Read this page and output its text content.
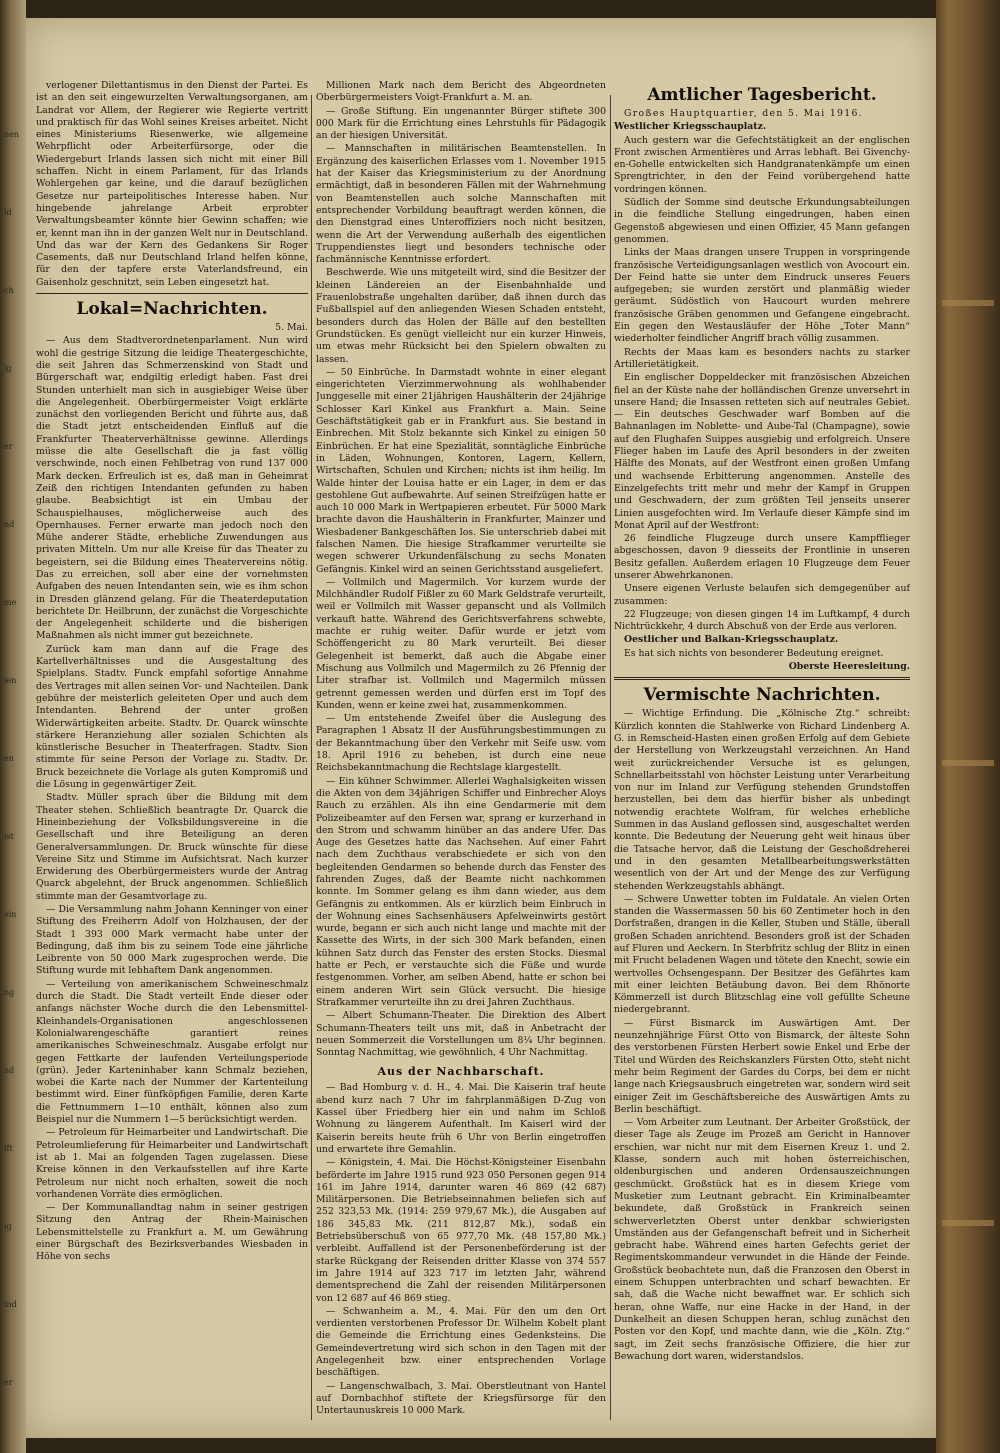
nen
ld
ch
lg
er
nd
me
ien
en
ist
ein
ng
nd
ift
ig
ind
er

verlogener Dilettantismus in den Dienst der Partei. Es ist an den seit eingewurzelten Verwaltungsorganen, am Landrat vor Allem, der Regierer wie Regierte vertritt und praktisch für das Wohl seines Kreises arbeitet. Nicht eines Ministeriums Riesenwerke, wie allgemeine Wehrpflicht oder Arbeiterfürsorge, oder die Wiedergeburt Irlands lassen sich nicht mit einer Bill schaffen. Nicht in einem Parlament, für das Irlands Wohlergehen gar keine, und die darauf bezüglichen Gesetze nur parteipolitisches Interesse haben. Nur hingebende jahrelange Arbeit erprobter Verwaltungsbeamter könnte hier Gewinn schaffen; wie er, kennt man ihn in der ganzen Welt nur in Deutschland. Und das war der Kern des Gedankens Sir Roger Casements, daß nur Deutschland Irland helfen könne, für den der tapfere erste Vaterlandsfreund, ein Gaisenholz geschnitzt, sein Leben eingesetzt hat.

Lokal=Nachrichten.

5. Mai.

— Aus dem Stadtverordnetenparlament. Nun wird wohl die gestrige Sitzung die leidige Theatergeschichte, die seit Jahren das Schmerzenskind von Stadt und Bürgerschaft war, endgiltig erledigt haben. Fast drei Stunden unterhielt man sich in ausgiebiger Weise über die Angelegenheit. Oberbürgermeister Voigt erklärte zunächst den vorliegenden Bericht und führte aus, daß die Stadt jetzt entscheidenden Einfluß auf die Frankfurter Theaterverhältnisse gewinne. Allerdings müsse die alte Gesellschaft die ja fast völlig verschwinde, noch einen Fehlbetrag von rund 137 000 Mark decken. Erfreulich ist es, daß man in Geheimrat Zeiß den richtigen Intendanten gefunden zu haben glaube. Beabsichtigt ist ein Umbau der Schauspielhauses, möglicherweise auch des Opernhauses. Ferner erwarte man jedoch noch den Mühe anderer Städte, erhebliche Zuwendungen aus privaten Mitteln. Um nur alle Kreise für das Theater zu begeistern, sei die Bildung eines Theatervereins nötig. Das zu erreichen, soll aber eine der vornehmsten Aufgaben des neuen Intendanten sein, wie es ihm schon in Dresden glänzend gelang. Für die Theaterdeputation berichtete Dr. Heilbrunn, der zunächst die Vorgeschichte der Angelegenheit schilderte und die bisherigen Maßnahmen als nicht immer gut bezeichnete.

Zurück kam man dann auf die Frage des Kartellverhältnisses und die Ausgestaltung des Spielplans. Stadtv. Funck empfahl sofortige Annahme des Vertrages mit allen seinen Vor- und Nachteilen. Dank gebühre der meisterlich geleiteten Oper und auch dem Intendanten. Behrend der unter großen Widerwärtigkeiten arbeite. Stadtv. Dr. Quarck wünschte stärkere Heranziehung aller sozialen Schichten als künstlerische Besucher in Theaterfragen. Stadtv. Sion stimmte für seine Person der Vorlage zu. Stadtv. Dr. Bruck bezeichnete die Vorlage als guten Kompromiß und die Lösung in gegenwärtiger Zeit.

Stadtv. Müller sprach über die Bildung mit dem Theater stehen. Schließlich beantragte Dr. Quarck die Hineinbeziehung der Volksbildungsvereine in die Gesellschaft und ihre Beteiligung an deren Generalversammlungen. Dr. Bruck wünschte für diese Vereine Sitz und Stimme im Aufsichtsrat. Nach kurzer Erwiderung des Oberbürgermeisters wurde der Antrag Quarck abgelehnt, der Bruck angenommen. Schließlich stimmte man der Gesamtvorlage zu.

— Die Versammlung nahm Johann Kenninger von einer Stiftung des Freiherrn Adolf von Holzhausen, der der Stadt 1 393 000 Mark vermacht habe unter der Bedingung, daß ihm bis zu seinem Tode eine jährliche Leibrente von 50 000 Mark zugesprochen werde. Die Stiftung wurde mit lebhaftem Dank angenommen.

— Verteilung von amerikanischem Schweineschmalz durch die Stadt. Die Stadt verteilt Ende dieser oder anfangs nächster Woche durch die den Lebensmittel-Kleinhandels-Organisationen angeschlossenen Kolonialwarengeschäfte garantiert reines amerikanisches Schweineschmalz. Ausgabe erfolgt nur gegen Fettkarte der laufenden Verteilungsperiode (grün). Jeder Karteninhaber kann Schmalz beziehen, wobei die Karte nach der Nummer der Kartenteilung bestimmt wird. Einer fünfköpfigen Familie, deren Karte die Fettnummern 1—10 enthält, können also zum Beispiel nur die Nummern 1—5 berücksichtigt werden.

— Petroleum für Heimarbeiter und Landwirtschaft. Die Petroleumlieferung für Heimarbeiter und Landwirtschaft ist ab 1. Mai an folgenden Tagen zugelassen. Diese Kreise können in den Verkaufsstellen auf ihre Karte Petroleum nur nicht noch erhalten, soweit die noch vorhandenen Vorräte dies ermöglichen.

— Der Kommunallandtag nahm in seiner gestrigen Sitzung den Antrag der Rhein-Mainischen Lebensmittelstelle zu Frankfurt a. M. um Gewährung einer Bürgschaft des Bezirksverbandes Wiesbaden in Höhe von sechs

Millionen Mark nach dem Bericht des Abgeordneten Oberbürgermeisters Voigt-Frankfurt a. M. an.

— Große Stiftung. Ein ungenannter Bürger stiftete 300 000 Mark für die Errichtung eines Lehrstuhls für Pädagogik an der hiesigen Universität.

— Mannschaften in militärischen Beamtenstellen. In Ergänzung des kaiserlichen Erlasses vom 1. November 1915 hat der Kaiser das Kriegsministerium zu der Anordnung ermächtigt, daß in besonderen Fällen mit der Wahrnehmung von Beamtenstellen auch solche Mannschaften mit entsprechender Vorbildung beauftragt werden können, die den Dienstgrad eines Unteroffiziers noch nicht besitzen, wenn die Art der Verwendung außerhalb des eigentlichen Truppendienstes liegt und besonders technische oder fachmännische Kenntnisse erfordert.

Beschwerde. Wie uns mitgeteilt wird, sind die Besitzer der kleinen Ländereien an der Eisenbahnhalde und Frauenlobstraße ungehalten darüber, daß ihnen durch das Fußballspiel auf den anliegenden Wiesen Schaden entsteht, besonders durch das Holen der Bälle auf den bestellten Grundstücken. Es genügt vielleicht nur ein kurzer Hinweis, um etwas mehr Rücksicht bei den Spielern obwalten zu lassen.

— 50 Einbrüche. In Darmstadt wohnte in einer elegant eingerichteten Vierzimmerwohnung als wohlhabender Junggeselle mit einer 21jährigen Haushälterin der 24jährige Schlosser Karl Kinkel aus Frankfurt a. Main. Seine Geschäftstätigkeit gab er in Frankfurt aus. Sie bestand in Einbrechen. Mit Stolz bekannte sich Kinkel zu einigen 50 Einbrüchen. Er hat eine Spezialität, sonntägliche Einbrüche in Läden, Wohnungen, Kontoren, Lagern, Kellern, Wirtschaften, Schulen und Kirchen; nichts ist ihm heilig. Im Walde hinter der Louisa hatte er ein Lager, in dem er das gestohlene Gut aufbewahrte. Auf seinen Streifzügen hatte er auch 10 000 Mark in Wertpapieren erbeutet. Für 5000 Mark brachte davon die Haushälterin in Frankfurter, Mainzer und Wiesbadener Bankgeschäften los. Sie unterschrieb dabei mit falschen Namen. Die hiesige Strafkammer verurteilte sie wegen schwerer Urkundenfälschung zu sechs Monaten Gefängnis. Kinkel wird an seinen Gerichtsstand ausgeliefert.

— Vollmilch und Magermilch. Vor kurzem wurde der Milchhändler Rudolf Fißler zu 60 Mark Geldstrafe verurteilt, weil er Vollmilch mit Wasser gepanscht und als Vollmilch verkauft hatte. Während des Gerichtsverfahrens schwebte, machte er ruhig weiter. Dafür wurde er jetzt vom Schöffengericht zu 80 Mark verurteilt. Bei dieser Gelegenheit ist bemerkt, daß auch die Abgabe einer Mischung aus Vollmilch und Magermilch zu 26 Pfennig der Liter strafbar ist. Vollmilch und Magermilch müssen getrennt gemessen werden und dürfen erst im Topf des Kunden, wenn er keine zwei hat, zusammenkommen.

— Um entstehende Zweifel über die Auslegung des Paragraphen 1 Absatz II der Ausführungsbestimmungen zu der Bekanntmachung über den Verkehr mit Seife usw. vom 18. April 1916 zu beheben, ist durch eine neue Reichsbekanntmachung die Rechtslage klargestellt.

— Ein kühner Schwimmer. Allerlei Waghalsigkeiten wissen die Akten von dem 34jährigen Schiffer und Einbrecher Aloys Rauch zu erzählen. Als ihn eine Gendarmerie mit dem Polizeibeamter auf den Fersen war, sprang er kurzerhand in den Strom und schwamm hinüber an das andere Ufer. Das Auge des Gesetzes hatte das Nachsehen. Auf einer Fahrt nach dem Zuchthaus verabschiedete er sich von den begleitenden Gendarmen so behende durch das Fenster des fahrenden Zuges, daß der Beamte nicht nachkommen konnte. Im Sommer gelang es ihm dann wieder, aus dem Gefängnis zu entkommen. Als er kürzlich beim Einbruch in der Wohnung eines Sachsenhäusers Apfelweinwirts gestört wurde, begann er sich auch nicht lange und machte mit der Kassette des Wirts, in der sich 300 Mark befanden, einen kühnen Satz durch das Fenster des ersten Stocks. Diesmal hatte er Pech, er verstauchte sich die Füße und wurde festgenommen. Vorher, am selben Abend, hatte er schon bei einem anderen Wirt sein Glück versucht. Die hiesige Strafkammer verurteilte ihn zu drei Jahren Zuchthaus.

— Albert Schumann-Theater. Die Direktion des Albert Schumann-Theaters teilt uns mit, daß in Anbetracht der neuen Sommerzeit die Vorstellungen um 8¼ Uhr beginnen. Sonntag Nachmittag, wie gewöhnlich, 4 Uhr Nachmittag.

Aus der Nachbarschaft.

— Bad Homburg v. d. H., 4. Mai. Die Kaiserin traf heute abend kurz nach 7 Uhr im fahrplanmäßigen D-Zug von Kassel über Friedberg hier ein und nahm im Schloß Wohnung zu längerem Aufenthalt. Im Kaiserl wird der Kaiserin bereits heute früh 6 Uhr von Berlin eingetroffen und erwartete ihre Gemahlin.

— Königstein, 4. Mai. Die Höchst-Königsteiner Eisenbahn beförderte im Jahre 1915 rund 923 050 Personen gegen 914 161 im Jahre 1914, darunter waren 46 869 (42 687) Militärpersonen. Die Betriebseinnahmen beliefen sich auf 252 323,53 Mk. (1914: 259 979,67 Mk.), die Ausgaben auf 186 345,83 Mk. (211 812,87 Mk.), sodaß ein Betriebsüberschuß von 65 977,70 Mk. (48 157,80 Mk.) verbleibt. Auffallend ist der Personenbeförderung ist der starke Rückgang der Reisenden dritter Klasse von 374 557 im Jahre 1914 auf 323 717 im letzten Jahr, während dementsprechend die Zahl der reisenden Militärpersonen von 12 687 auf 46 869 stieg.

— Schwanheim a. M., 4. Mai. Für den um den Ort verdienten verstorbenen Professor Dr. Wilhelm Kobelt plant die Gemeinde die Errichtung eines Gedenksteins. Die Gemeindevertretung wird sich schon in den Tagen mit der Angelegenheit bzw. einer entsprechenden Vorlage beschäftigen.

— Langenschwalbach, 3. Mai. Oberstleutnant von Hantel auf Dornbachhof stiftete der Kriegsfürsorge für den Untertaunuskreis 10 000 Mark.

Amtlicher Tagesbericht.

Großes Hauptquartier, den 5. Mai 1916.

Westlicher Kriegsschauplatz.

Auch gestern war die Gefechtstätigkeit an der englischen Front zwischen Armentières und Arras lebhaft. Bei Givenchy-en-Gohelle entwickelten sich Handgranatenkämpfe um einen Sprengtrichter, in den der Feind vorübergehend hatte vordringen können.

Südlich der Somme sind deutsche Erkundungsabteilungen in die feindliche Stellung eingedrungen, haben einen Gegenstoß abgewiesen und einen Offizier, 45 Mann gefangen genommen.

Links der Maas drangen unsere Truppen in vorspringende französische Verteidigungsanlagen westlich von Avocourt ein. Der Feind hatte sie unter dem Eindruck unseres Feuers aufgegeben; sie wurden zerstört und planmäßig wieder geräumt. Südöstlich von Haucourt wurden mehrere französische Gräben genommen und Gefangene eingebracht. Ein gegen den Westausläufer der Höhe „Toter Mann“ wiederholter feindlicher Angriff brach völlig zusammen.

Rechts der Maas kam es besonders nachts zu starker Artillerietätigkeit.

Ein englischer Doppeldecker mit französischen Abzeichen fiel an der Küste nahe der holländischen Grenze unversehrt in unsere Hand; die Insassen retteten sich auf neutrales Gebiet. — Ein deutsches Geschwader warf Bomben auf die Bahnanlagen im Noblette- und Aube-Tal (Champagne), sowie auf den Flughafen Suippes ausgiebig und erfolgreich. Unsere Flieger haben im Laufe des April besonders in der zweiten Hälfte des Monats, auf der Westfront einen großen Umfang und wachsende Erbitterung angenommen. Anstelle des Einzelgefechts tritt mehr und mehr der Kampf in Gruppen und Geschwadern, der zum größten Teil jenseits unserer Linien ausgefochten wird. Im Verlaufe dieser Kämpfe sind im Monat April auf der Westfront:

26 feindliche Flugzeuge durch unsere Kampfflieger abgeschossen, davon 9 diesseits der Frontlinie in unseren Besitz gefallen. Außerdem erlagen 10 Flugzeuge dem Feuer unserer Abwehrkanonen.

Unsere eigenen Verluste belaufen sich demgegenüber auf zusammen:

22 Flugzeuge; von diesen gingen 14 im Luftkampf, 4 durch Nichtrückkehr, 4 durch Abschuß von der Erde aus verloren.

Oestlicher und Balkan-Kriegsschauplatz.

Es hat sich nichts von besonderer Bedeutung ereignet.

Oberste Heeresleitung.

Vermischte Nachrichten.

— Wichtige Erfindung. Die „Kölnische Ztg.“ schreibt: Kürzlich konnten die Stahlwerke von Richard Lindenberg A. G. in Remscheid-Hasten einen großen Erfolg auf dem Gebiete der Herstellung von Werkzeugstahl verzeichnen. An Hand weit zurückreichender Versuche ist es gelungen, Schnellarbeitsstahl von höchster Leistung unter Verarbeitung von nur im Inland zur Verfügung stehenden Grundstoffen herzustellen, bei dem das hierfür bisher als unbedingt notwendig erachtete Wolfram, für welches erhebliche Summen in das Ausland geflossen sind, ausgeschaltet werden konnte. Die Bedeutung der Neuerung geht weit hinaus über die Tatsache hervor, daß die Leistung der Geschoßdreherei und in den gesamten Metallbearbeitungswerkstätten wesentlich von der Art und der Menge des zur Verfügung stehenden Werkzeugstahls abhängt.

— Schwere Unwetter tobten im Fuldatale. An vielen Orten standen die Wassermassen 50 bis 60 Zentimeter hoch in den Dorfstraßen, drangen in die Keller, Stuben und Ställe, überall großen Schaden anrichtend. Besonders groß ist der Schaden auf Fluren und Aeckern. In Sterbfritz schlug der Blitz in einen mit Frucht beladenen Wagen und tötete den Knecht, sowie ein wertvolles Ochsengespann. Der Besitzer des Gefährtes kam mit einer leichten Betäubung davon. Bei dem Rhönorte Kömmerzell ist durch Blitzschlag eine voll gefüllte Scheune niedergebrannt.

— Fürst Bismarck im Auswärtigen Amt. Der neunzehnjährige Fürst Otto von Bismarck, der älteste Sohn des verstorbenen Fürsten Herbert sowie Enkel und Erbe der Titel und Würden des Reichskanzlers Fürsten Otto, steht nicht mehr beim Regiment der Gardes du Corps, bei dem er nicht lange nach Kriegsausbruch eingetreten war, sondern wird seit einiger Zeit im Geschäftsbereiche des Auswärtigen Amts zu Berlin beschäftigt.

— Vom Arbeiter zum Leutnant. Der Arbeiter Großstück, der dieser Tage als Zeuge im Prozeß am Gericht in Hannover erschien, war nicht nur mit dem Eisernen Kreuz 1. und 2. Klasse, sondern auch mit hohen österreichischen, oldenburgischen und anderen Ordensauszeichnungen geschmückt. Großstück hat es in diesem Kriege vom Musketier zum Leutnant gebracht. Ein Kriminalbeamter bekundete, daß Großstück in Frankreich seinen schwerverletzten Oberst unter denkbar schwierigsten Umständen aus der Gefangenschaft befreit und in Sicherheit gebracht habe. Während eines harten Gefechts geriet der Regimentskommandeur verwundet in die Hände der Feinde. Großstück beobachtete nun, daß die Franzosen den Oberst in einem Schuppen unterbrachten und scharf bewachten. Er sah, daß die Wache nicht bewaffnet war. Er schlich sich heran, ohne Waffe, nur eine Hacke in der Hand, in der Dunkelheit an diesen Schuppen heran, schlug zunächst den Posten vor den Kopf, und machte dann, wie die „Köln. Ztg.“ sagt, im Zeit sechs französische Offiziere, die hier zur Bewachung dort waren, widerstandslos.
